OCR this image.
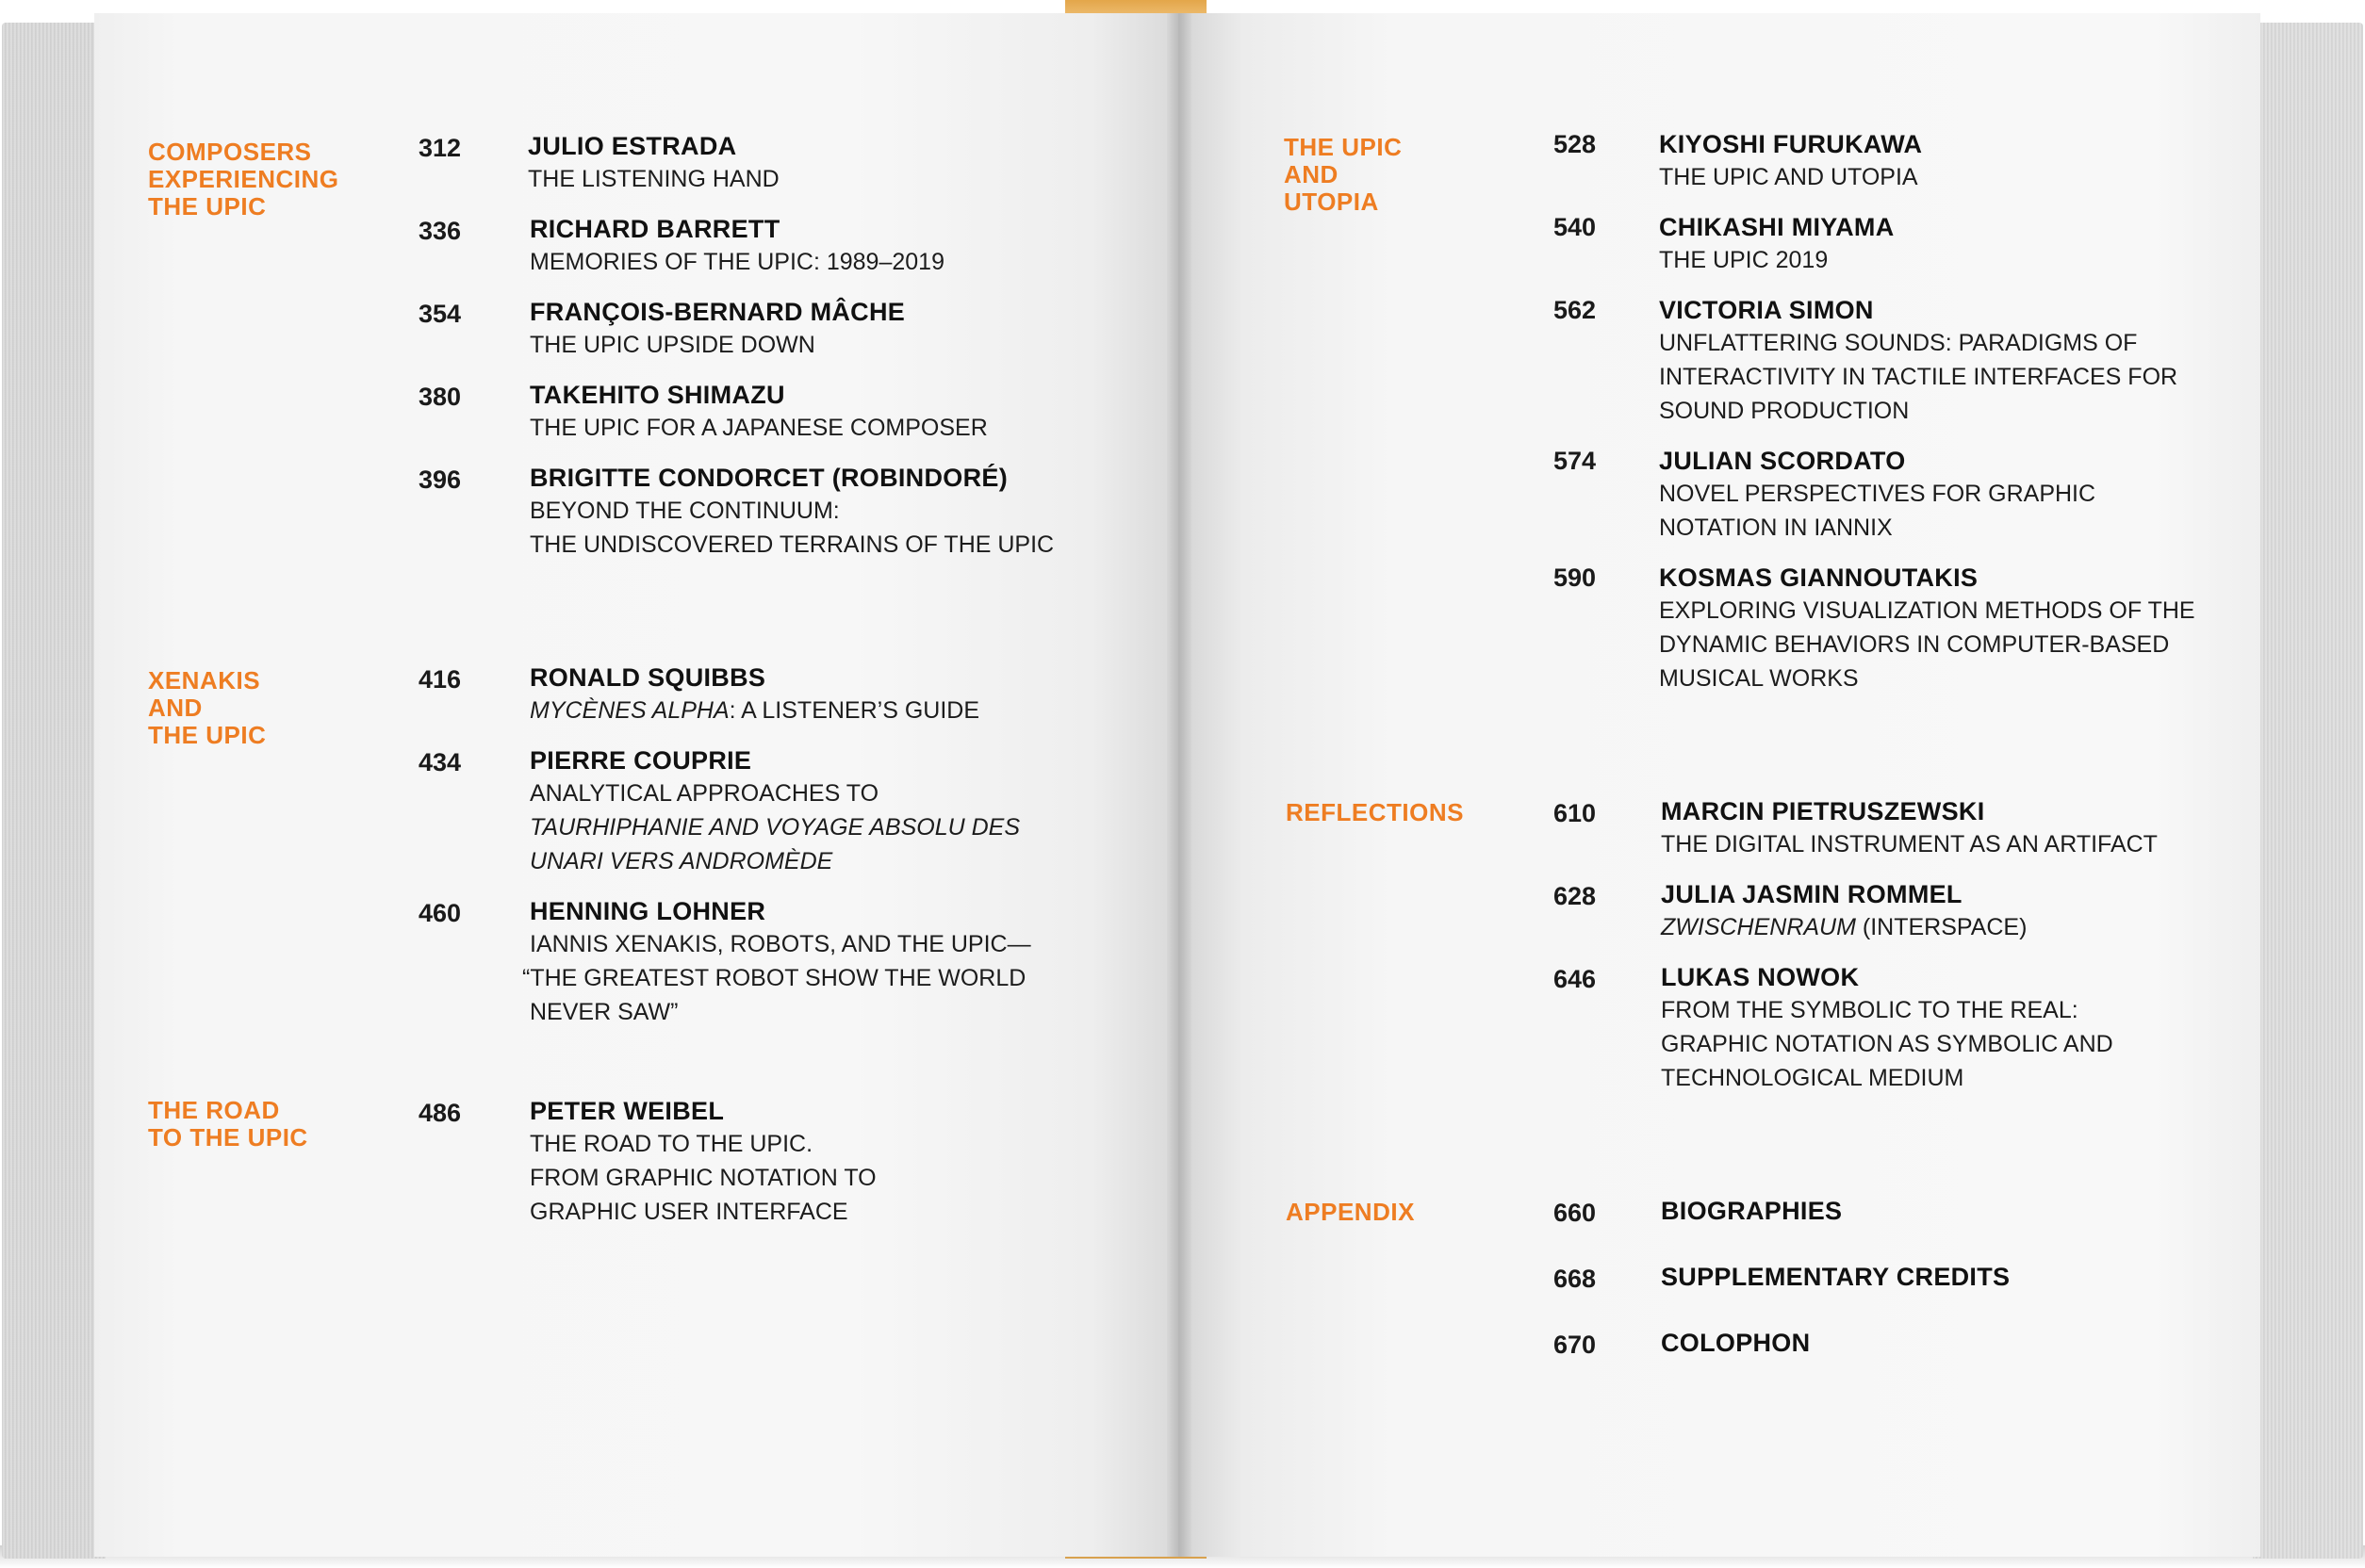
COMPOSERS
EXPERIENCING
THE UPIC
312	JULIO ESTRADA
THE LISTENING HAND
336	RICHARD BARRETT
MEMORIES OF THE UPIC: 1989–2019
354	FRANÇOIS-BERNARD MÂCHE
THE UPIC UPSIDE DOWN
380	TAKEHITO SHIMAZU
THE UPIC FOR A JAPANESE COMPOSER
396	BRIGITTE CONDORCET (ROBINDORÉ)
BEYOND THE CONTINUUM:
THE UNDISCOVERED TERRAINS OF THE UPIC
XENAKIS
AND
THE UPIC
416	RONALD SQUIBBS
MYCÈNES ALPHA: A LISTENER’S GUIDE
434	PIERRE COUPRIE
ANALYTICAL APPROACHES TO
TAURHIPHANIE AND VOYAGE ABSOLU DES
UNARI VERS ANDROMÈDE
460	HENNING LOHNER
IANNIS XENAKIS, ROBOTS, AND THE UPIC—
“THE GREATEST ROBOT SHOW THE WORLD
NEVER SAW”
THE ROAD
TO THE UPIC
486	PETER WEIBEL
THE ROAD TO THE UPIC.
FROM GRAPHIC NOTATION TO
GRAPHIC USER INTERFACE
THE UPIC
AND
UTOPIA
528 KIYOSHI FURUKAWA
THE UPIC AND UTOPIA
540 CHIKASHI MIYAMA
THE UPIC 2019
562 VICTORIA SIMON
UNFLATTERING SOUNDS: PARADIGMS OF
INTERACTIVITY IN TACTILE INTERFACES FOR
SOUND PRODUCTION
574 JULIAN SCORDATO
NOVEL PERSPECTIVES FOR GRAPHIC
NOTATION IN IANNIX
590 KOSMAS GIANNOUTAKIS
EXPLORING VISUALIZATION METHODS OF THE
DYNAMIC BEHAVIORS IN COMPUTER-BASED
MUSICAL WORKS
REFLECTIONS	610	MARCIN PIETRUSZEWSKI
THE DIGITAL INSTRUMENT AS AN ARTIFACT
628	JULIA JASMIN ROMMEL
ZWISCHENRAUM (INTERSPACE)
646	LUKAS NOWOK
FROM THE SYMBOLIC TO THE REAL:
GRAPHIC NOTATION AS SYMBOLIC AND
TECHNOLOGICAL MEDIUM
APPENDIX	660	BIOGRAPHIES
668	SUPPLEMENTARY CREDITS
670	COLOPHON
